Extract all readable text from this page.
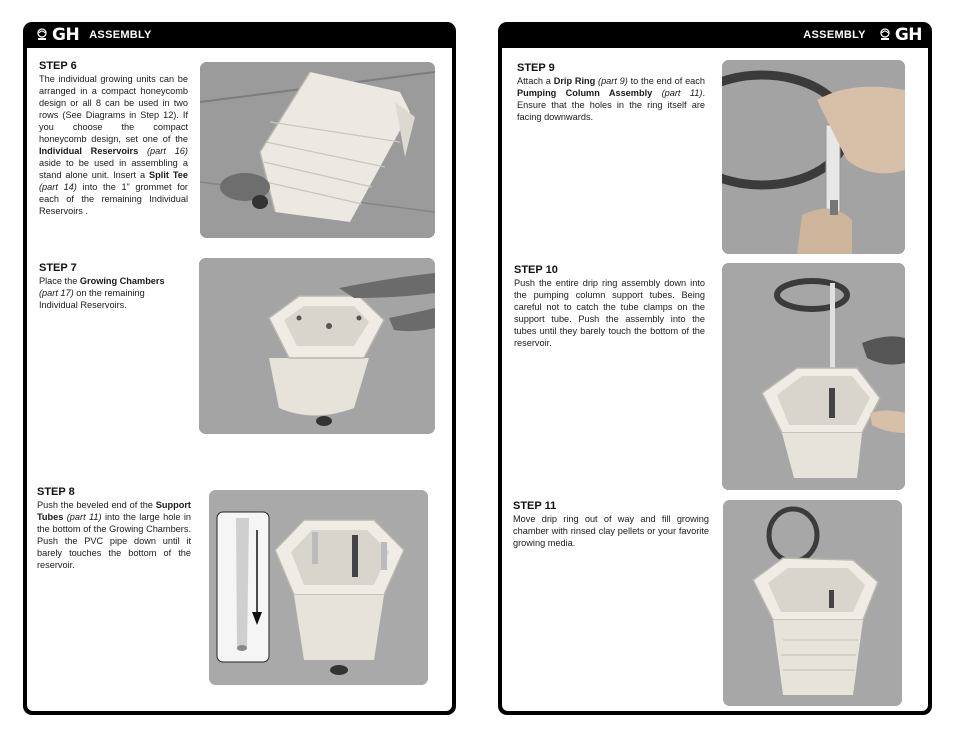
GH ASSEMBLY	ASSEMBLY GH
STEP 6

The individual growing units can be arranged in a compact honeycomb design or all 8 can be used in two rows (See Diagrams in Step 12). If you choose the compact honeycomb design, set one of the Individual Reservoirs (part 16) aside to be used in assembling a stand alone unit. Insert a Split Tee (part 14) into the 1” grommet for each of the remaining Individual Reservoirs .

STEP 7

Place the Growing Chambers (part 17) on the remaining Individual Reservoirs.

STEP 8

Push the beveled end of the Support Tubes (part 11) into the large hole in the bottom of the Growing Chambers. Push the PVC pipe down until it barely touches the bottom of the reservoir.

STEP 9

Attach a Drip Ring (part 9) to the end of each Pumping Column Assembly (part 11). Ensure that the holes in the ring itself are facing downwards.

STEP 10

Push the entire drip ring assembly down into the pumping column support tubes. Being careful not to catch the tube clamps on the support tube. Push the assembly into the tubes until they barely touch the bottom of the reservoir.

STEP 11

Move drip ring out of way and fill growing chamber with rinsed clay pellets or your favorite growing media.
